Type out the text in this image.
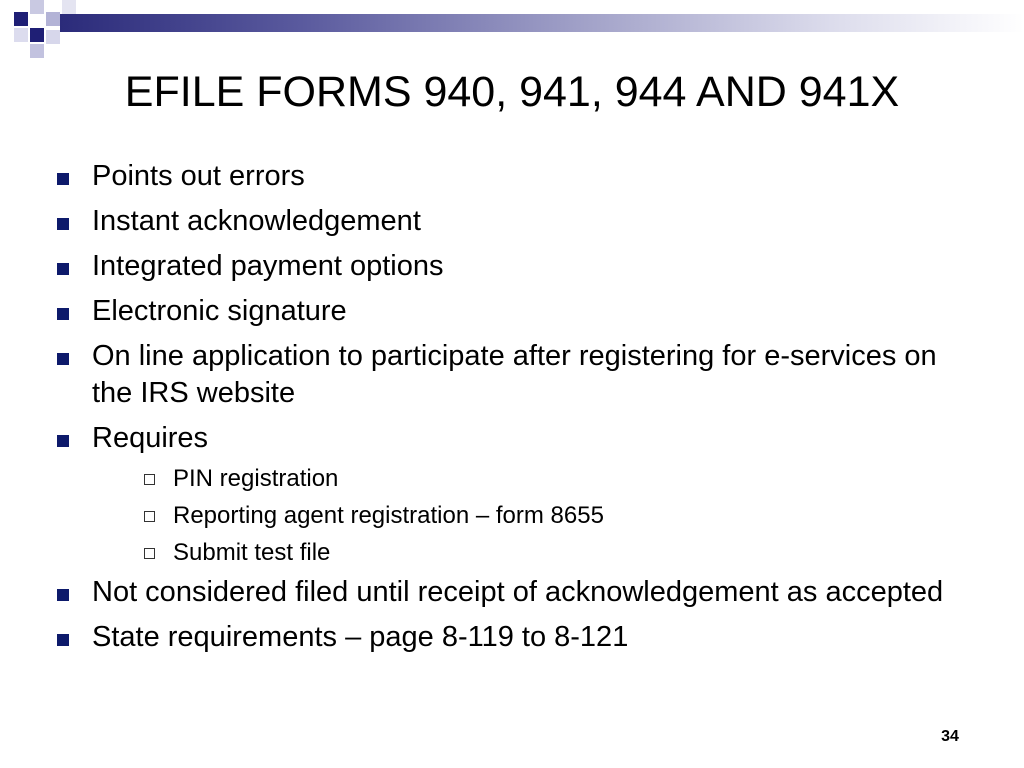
EFILE FORMS 940, 941, 944 AND 941X
Points out errors
Instant acknowledgement
Integrated payment options
Electronic signature
On line application to participate after registering for e-services on the IRS website
Requires
PIN registration
Reporting agent registration – form 8655
Submit test file
Not considered filed until receipt of acknowledgement as accepted
State requirements – page 8-119 to 8-121
34
